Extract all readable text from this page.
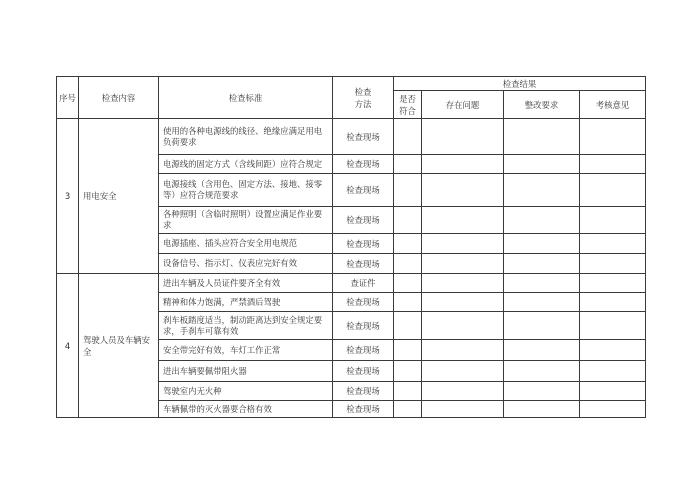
序号	检查内容	检查标准	检查方法	检查结果			
				是否符合	存在问题	整改要求	考核意见
3	用电安全	使用的各种电源线的线径、绝缘应满足用电负荷要求	检查现场				
		电源线的固定方式（含线间距）应符合规定	检查现场				
		电源接线（含用色、固定方法、接地、接零等）应符合规范要求	检查现场				
		各种照明（含临时照明）设置应满足作业要求	检查现场				
		电源插座、插头应符合安全用电规范	检查现场				
		设备信号、指示灯、仪表应完好有效	检查现场				
4	驾驶人员及车辆安全	进出车辆及人员证件要齐全有效	查证件				
		精神和体力饱满，严禁酒后驾驶	检查现场				
		刹车板踏度适当，制动距离达到安全规定要求，手刹车可靠有效	检查现场				
		安全带完好有效，车灯工作正常	检查现场				
		进出车辆要佩带阻火器	检查现场				
		驾驶室内无火种	检查现场				
		车辆佩带的灭火器要合格有效	检查现场				
